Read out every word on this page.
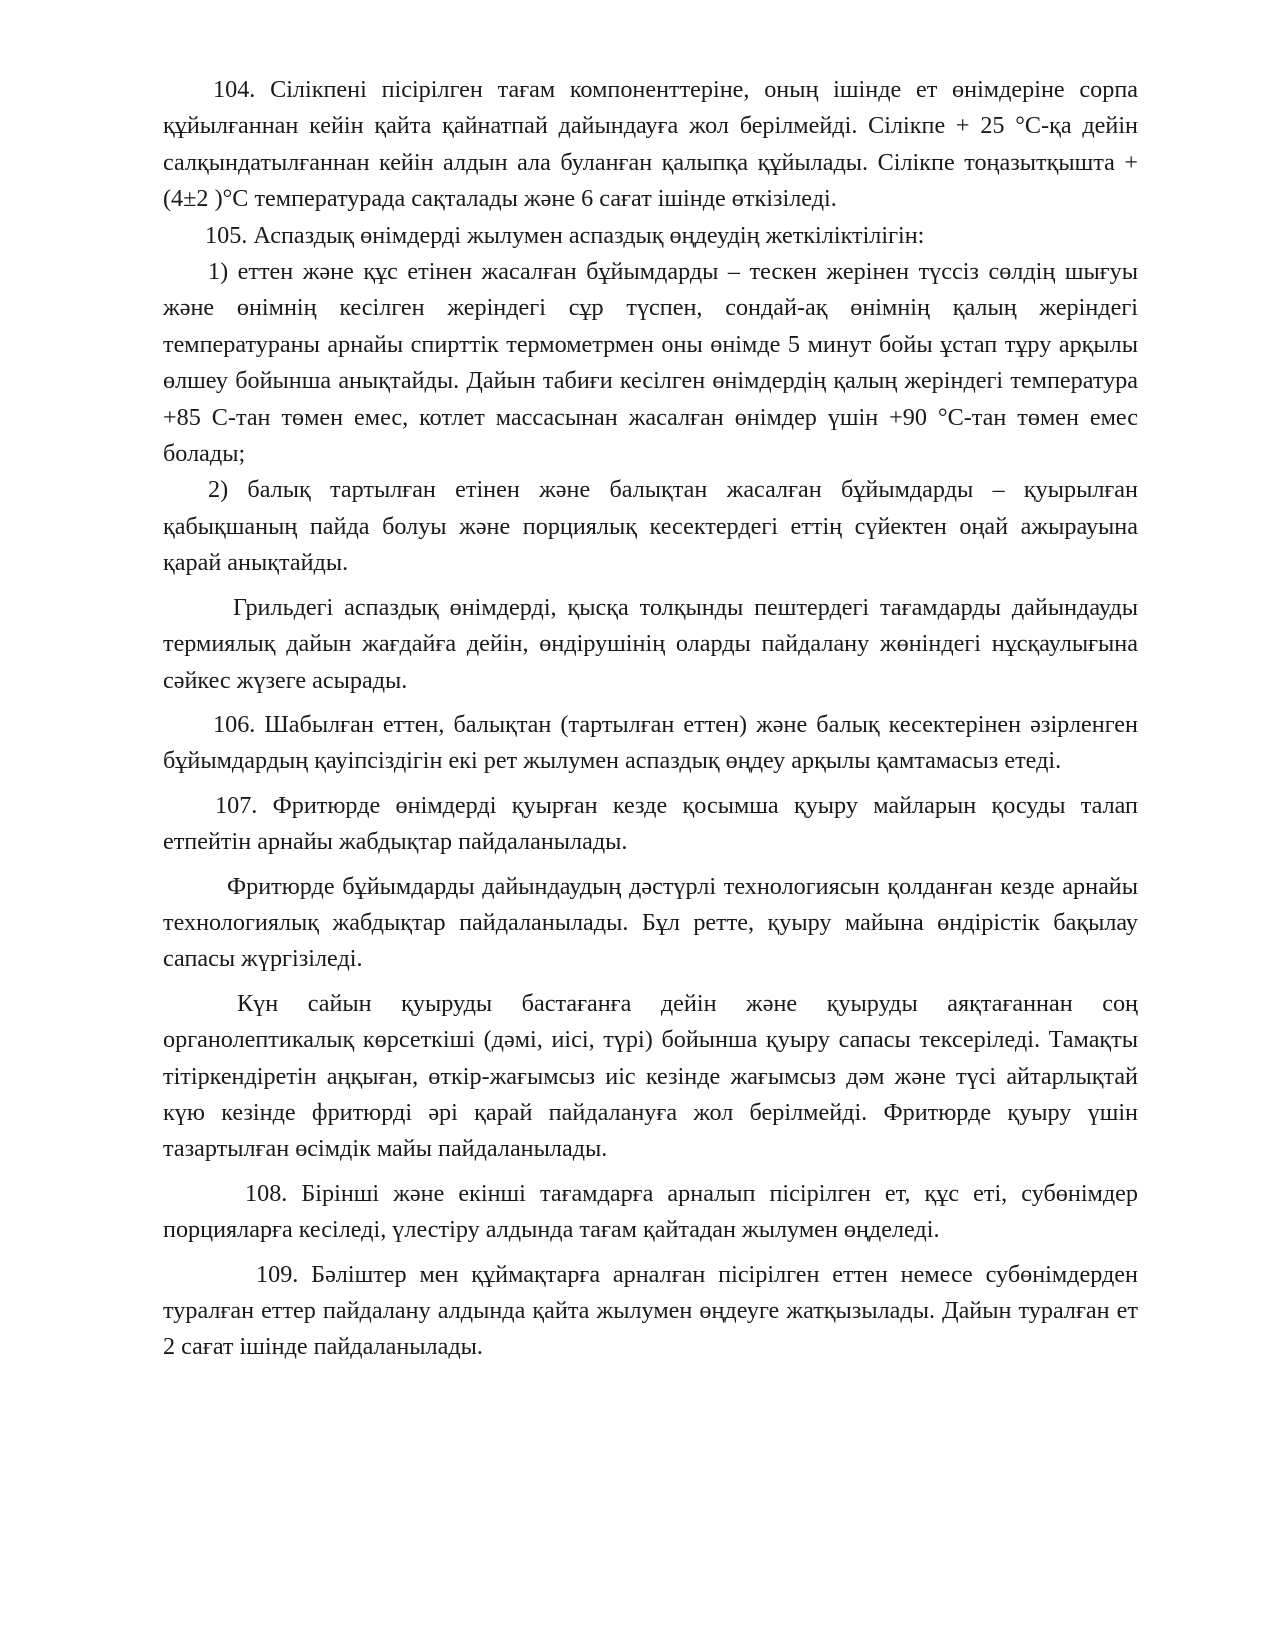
104. Сілікпені пісірілген тағам компоненттеріне, оның ішінде ет өнімдеріне сорпа құйылғаннан кейін қайта қайнатпай дайындауға жол берілмейді. Сілікпе + 25 °С-қа дейін салқындатылғаннан кейін алдын ала буланған қалыпқа құйылады. Сілікпе тоңазытқышта +(4±2 )°С температурада сақталады және 6 сағат ішінде өткізіледі.

105. Аспаздық өнімдерді жылумен аспаздық өңдеудің жеткіліктілігін:

1) еттен және құс етінен жасалған бұйымдарды – тескен жерінен түссіз сөлдің шығуы және өнімнің кесілген жеріндегі сұр түспен, сондай-ақ өнімнің қалың жеріндегі температураны арнайы спирттік термометрмен оны өнімде 5 минут бойы ұстап тұру арқылы өлшеу бойынша анықтайды. Дайын табиғи кесілген өнімдердің қалың жеріндегі температура +85 С-тан төмен емес, котлет массасынан жасалған өнімдер үшін +90 °С-тан төмен емес болады;

2) балық тартылған етінен және балықтан жасалған бұйымдарды – қуырылған қабықшаның пайда болуы және порциялық кесектердегі еттің сүйектен оңай ажырауына қарай анықтайды.

Грильдегі аспаздық өнімдерді, қысқа толқынды пештердегі тағамдарды дайындауды термиялық дайын жағдайға дейін, өндірушінің оларды пайдалану жөніндегі нұсқаулығына сәйкес жүзеге асырады.

106. Шабылған еттен, балықтан (тартылған еттен) және балық кесектерінен әзірленген бұйымдардың қауіпсіздігін екі рет жылумен аспаздық өңдеу арқылы қамтамасыз етеді.

107. Фритюрде өнімдерді қуырған кезде қосымша қуыру майларын қосуды талап етпейтін арнайы жабдықтар пайдаланылады.

Фритюрде бұйымдарды дайындаудың дәстүрлі технологиясын қолданған кезде арнайы технологиялық жабдықтар пайдаланылады. Бұл ретте, қуыру майына өндірістік бақылау сапасы жүргізіледі.

Күн сайын қуыруды бастағанға дейін және қуыруды аяқтағаннан соң органолептикалық көрсеткіші (дәмі, иісі, түрі) бойынша қуыру сапасы тексеріледі. Тамақты тітіркендіретін аңқыған, өткір-жағымсыз иіс кезінде жағымсыз дәм және түсі айтарлықтай күю кезінде фритюрді әрі қарай пайдалануға жол берілмейді. Фритюрде қуыру үшін тазартылған өсімдік майы пайдаланылады.

108. Бірінші және екінші тағамдарға арналып пісірілген ет, құс еті, субөнімдер порцияларға кесіледі, үлестіру алдында тағам қайтадан жылумен өңделеді.

109. Бәліштер мен құймақтарға арналған пісірілген еттен немесе субөнімдерден туралған еттер пайдалану алдында қайта жылумен өңдеуге жатқызылады. Дайын туралған ет 2 сағат ішінде пайдаланылады.
